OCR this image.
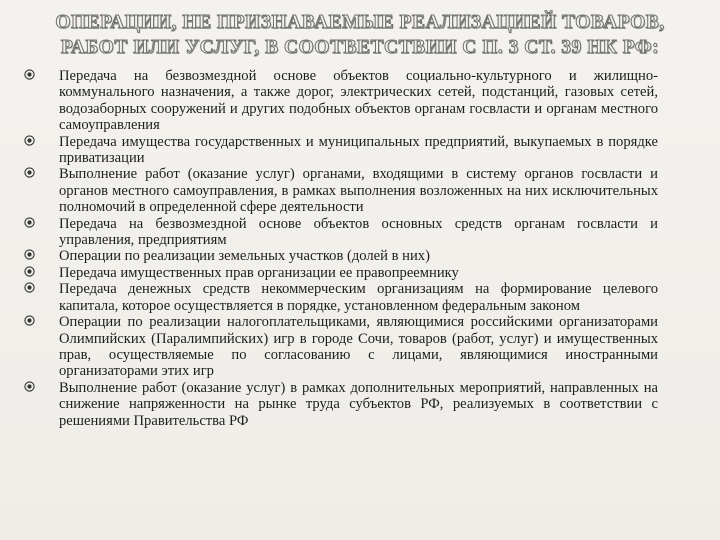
ОПЕРАЦИИ, НЕ ПРИЗНАВАЕМЫЕ РЕАЛИЗАЦИЕЙ ТОВАРОВ,
РАБОТ ИЛИ УСЛУГ, В СООТВЕТСТВИИ С П. 3 СТ. 39 НК РФ:
Передача на безвозмездной основе объектов социально-культурного и жилищно-коммунального назначения, а также дорог, электрических сетей, подстанций, газовых сетей, водозаборных сооружений и других подобных объектов органам госвласти и органам местного самоуправления
Передача имущества государственных и муниципальных предприятий, выкупаемых в порядке приватизации
Выполнение работ (оказание услуг) органами, входящими в систему органов госвласти и органов местного самоуправления, в рамках выполнения возложенных на них исключительных полномочий в определенной сфере деятельности
Передача на безвозмездной основе объектов основных средств органам госвласти и управления, предприятиям
Операции по реализации земельных участков (долей в них)
Передача имущественных прав организации ее правопреемнику
Передача денежных средств некоммерческим организациям на формирование целевого капитала, которое осуществляется в порядке, установленном федеральным законом
Операции по реализации налогоплательщиками, являющимися российскими организаторами Олимпийских (Паралимпийских) игр в городе Сочи, товаров (работ, услуг) и имущественных прав, осуществляемые по согласованию с лицами, являющимися иностранными организаторами этих игр
Выполнение работ (оказание услуг) в рамках дополнительных мероприятий, направленных на снижение напряженности на рынке труда субъектов РФ, реализуемых в соответствии с решениями Правительства РФ
